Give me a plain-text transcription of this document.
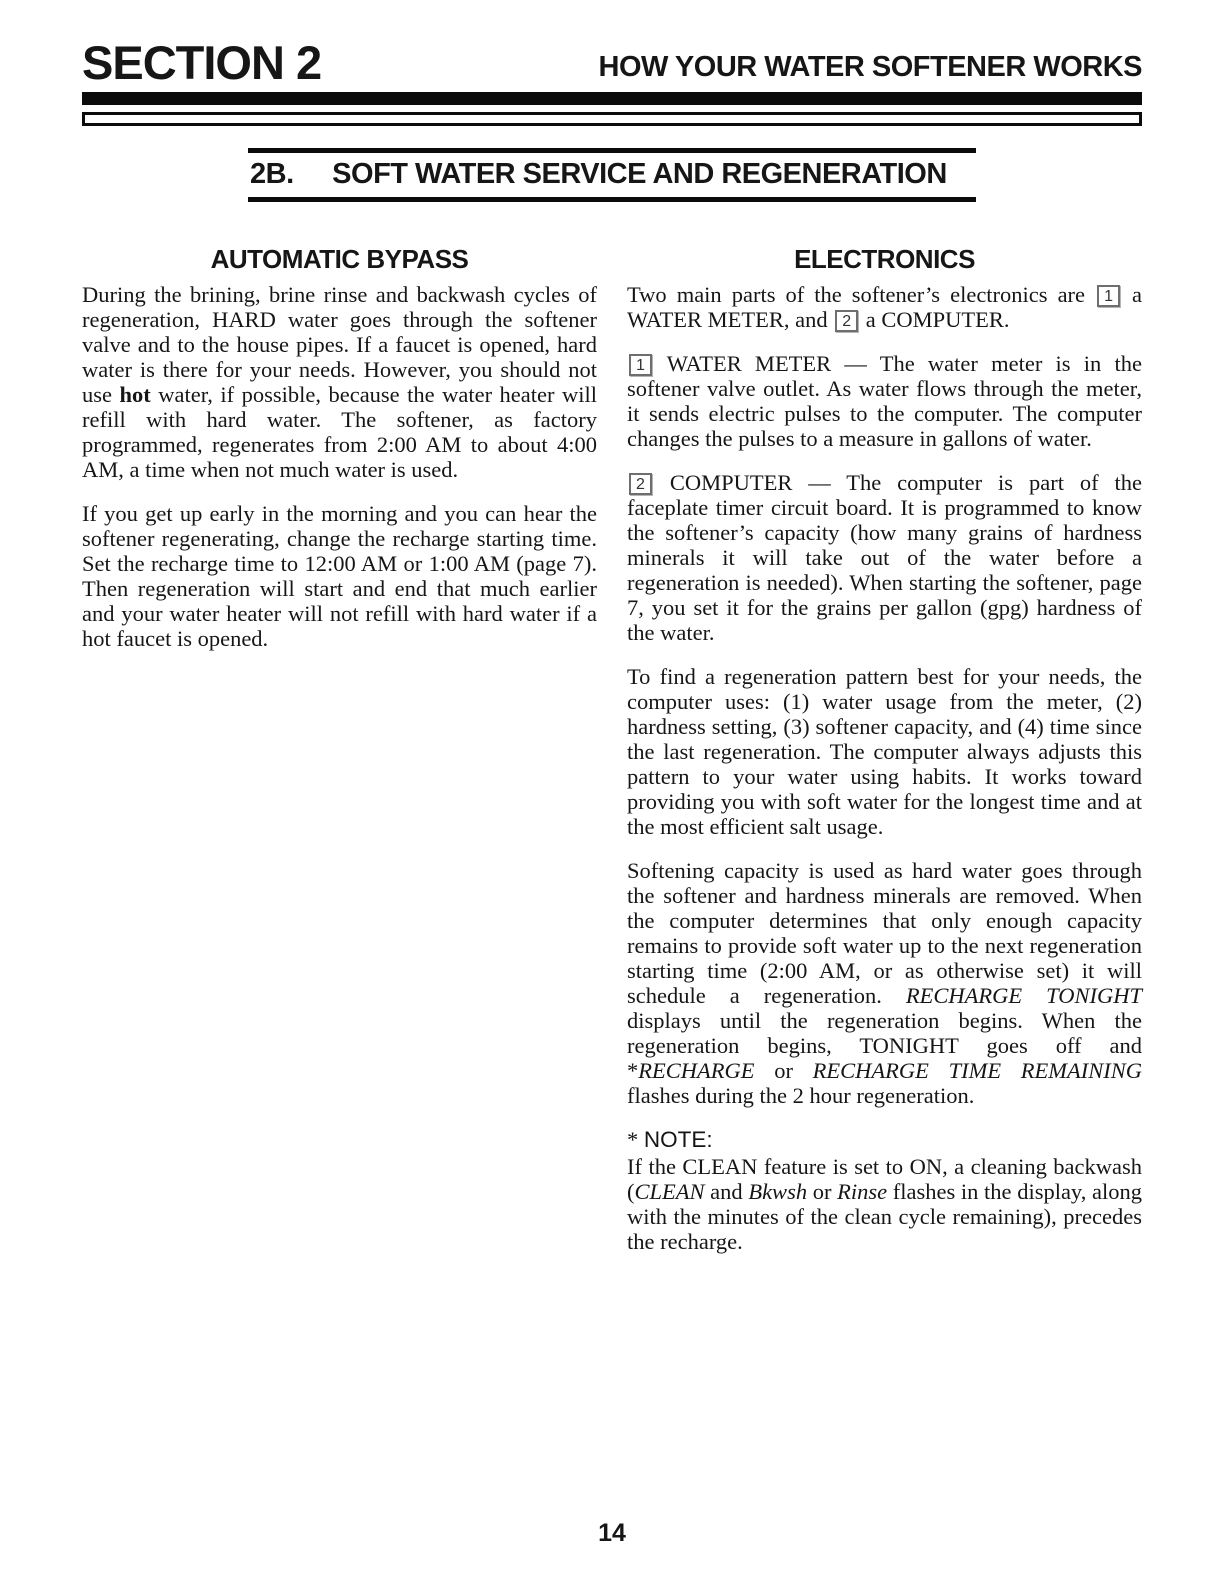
SECTION 2	HOW YOUR WATER SOFTENER WORKS
2B. SOFT WATER SERVICE AND REGENERATION
AUTOMATIC BYPASS

During the brining, brine rinse and backwash cycles of regeneration, HARD water goes through the softener valve and to the house pipes. If a faucet is opened, hard water is there for your needs. However, you should not use hot water, if possible, because the water heater will refill with hard water. The softener, as factory programmed, regenerates from 2:00 AM to about 4:00 AM, a time when not much water is used.

If you get up early in the morning and you can hear the softener regenerating, change the recharge starting time. Set the recharge time to 12:00 AM or 1:00 AM (page 7). Then regeneration will start and end that much earlier and your water heater will not refill with hard water if a hot faucet is opened.

ELECTRONICS

Two main parts of the softener’s electronics are 1 a WATER METER, and 2 a COMPUTER.

1 WATER METER — The water meter is in the softener valve outlet. As water flows through the meter, it sends electric pulses to the computer. The computer changes the pulses to a measure in gallons of water.

2 COMPUTER — The computer is part of the faceplate timer circuit board. It is programmed to know the softener’s capacity (how many grains of hardness minerals it will take out of the water before a regeneration is needed). When starting the softener, page 7, you set it for the grains per gallon (gpg) hardness of the water.

To find a regeneration pattern best for your needs, the computer uses: (1) water usage from the meter, (2) hardness setting, (3) softener capacity, and (4) time since the last regeneration. The computer always adjusts this pattern to your water using habits. It works toward providing you with soft water for the longest time and at the most efficient salt usage.

Softening capacity is used as hard water goes through the softener and hardness minerals are removed. When the computer determines that only enough capacity remains to provide soft water up to the next regeneration starting time (2:00 AM, or as otherwise set) it will schedule a regeneration. RECHARGE TONIGHT displays until the regeneration begins. When the regeneration begins, TONIGHT goes off and *RECHARGE or RECHARGE TIME REMAINING flashes during the 2 hour regeneration.

* NOTE:

If the CLEAN feature is set to ON, a cleaning backwash (CLEAN and Bkwsh or Rinse flashes in the display, along with the minutes of the clean cycle remaining), precedes the recharge.

14
